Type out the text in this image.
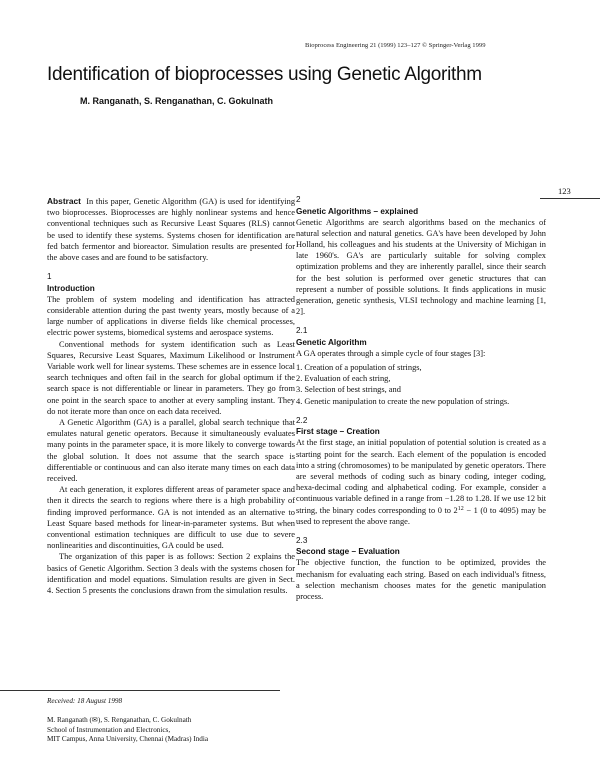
Bioprocess Engineering 21 (1999) 123–127 © Springer-Verlag 1999
Identification of bioprocesses using Genetic Algorithm
M. Ranganath, S. Renganathan, C. Gokulnath
123

Abstract In this paper, Genetic Algorithm (GA) is used for identifying two bioprocesses. Bioprocesses are highly nonlinear systems and hence conventional techniques such as Recursive Least Squares (RLS) cannot be used to identify these systems. Systems chosen for identification are fed batch fermentor and bioreactor. Simulation results are presented for the above cases and are found to be satisfactory.

1
Introduction

The problem of system modeling and identification has attracted considerable attention during the past twenty years, mostly because of a large number of applications in diverse fields like chemical processes, electric power systems, biomedical systems and aerospace systems.

Conventional methods for system identification such as Least Squares, Recursive Least Squares, Maximum Likelihood or Instrument Variable work well for linear systems. These schemes are in essence local search techniques and often fail in the search for global optimum if the search space is not differentiable or linear in parameters. They go from one point in the search space to another at every sampling instant. They do not iterate more than once on each data received.

A Genetic Algorithm (GA) is a parallel, global search technique that emulates natural genetic operators. Because it simultaneously evaluates many points in the parameter space, it is more likely to converge towards the global solution. It does not assume that the search space is differentiable or continuous and can also iterate many times on each data received.

At each generation, it explores different areas of parameter space and then it directs the search to regions where there is a high probability of finding improved performance. GA is not intended as an alternative to Least Square based methods for linear-in-parameter systems. But when conventional estimation techniques are difficult to use due to severe nonlinearities and discontinuities, GA could be used.

The organization of this paper is as follows: Section 2 explains the basics of Genetic Algorithm. Section 3 deals with the systems chosen for identification and model equations. Simulation results are given in Sect. 4. Section 5 presents the conclusions drawn from the simulation results.

2
Genetic Algorithms – explained

Genetic Algorithms are search algorithms based on the mechanics of natural selection and natural genetics. GA's have been developed by John Holland, his colleagues and his students at the University of Michigan in late 1960's. GA's are particularly suitable for solving complex optimization problems and they are inherently parallel, since their search for the best solution is performed over genetic structures that can represent a number of possible solutions. It finds applications in music generation, genetic synthesis, VLSI technology and machine learning [1, 2].

2.1
Genetic Algorithm

A GA operates through a simple cycle of four stages [3]:

1. Creation of a population of strings,
2. Evaluation of each string,
3. Selection of best strings, and
4. Genetic manipulation to create the new population of strings.
2.2
First stage – Creation

At the first stage, an initial population of potential solution is created as a starting point for the search. Each element of the population is encoded into a string (chromosomes) to be manipulated by genetic operators. There are several methods of coding such as binary coding, integer coding, hexa-decimal coding and alphabetical coding. For example, consider a continuous variable defined in a range from −1.28 to 1.28. If we use 12 bit string, the binary codes corresponding to 0 to $2^{12} - 1$ (0 to 4095) may be used to represent the above range.

2.3
Second stage – Evaluation

The objective function, the function to be optimized, provides the mechanism for evaluating each string. Based on each individual's fitness, a selection mechanism chooses mates for the genetic manipulation process.

Received: 18 August 1998
M. Ranganath (✉), S. Renganathan, C. Gokulnath
School of Instrumentation and Electronics,
MIT Campus, Anna University, Chennai (Madras) India
